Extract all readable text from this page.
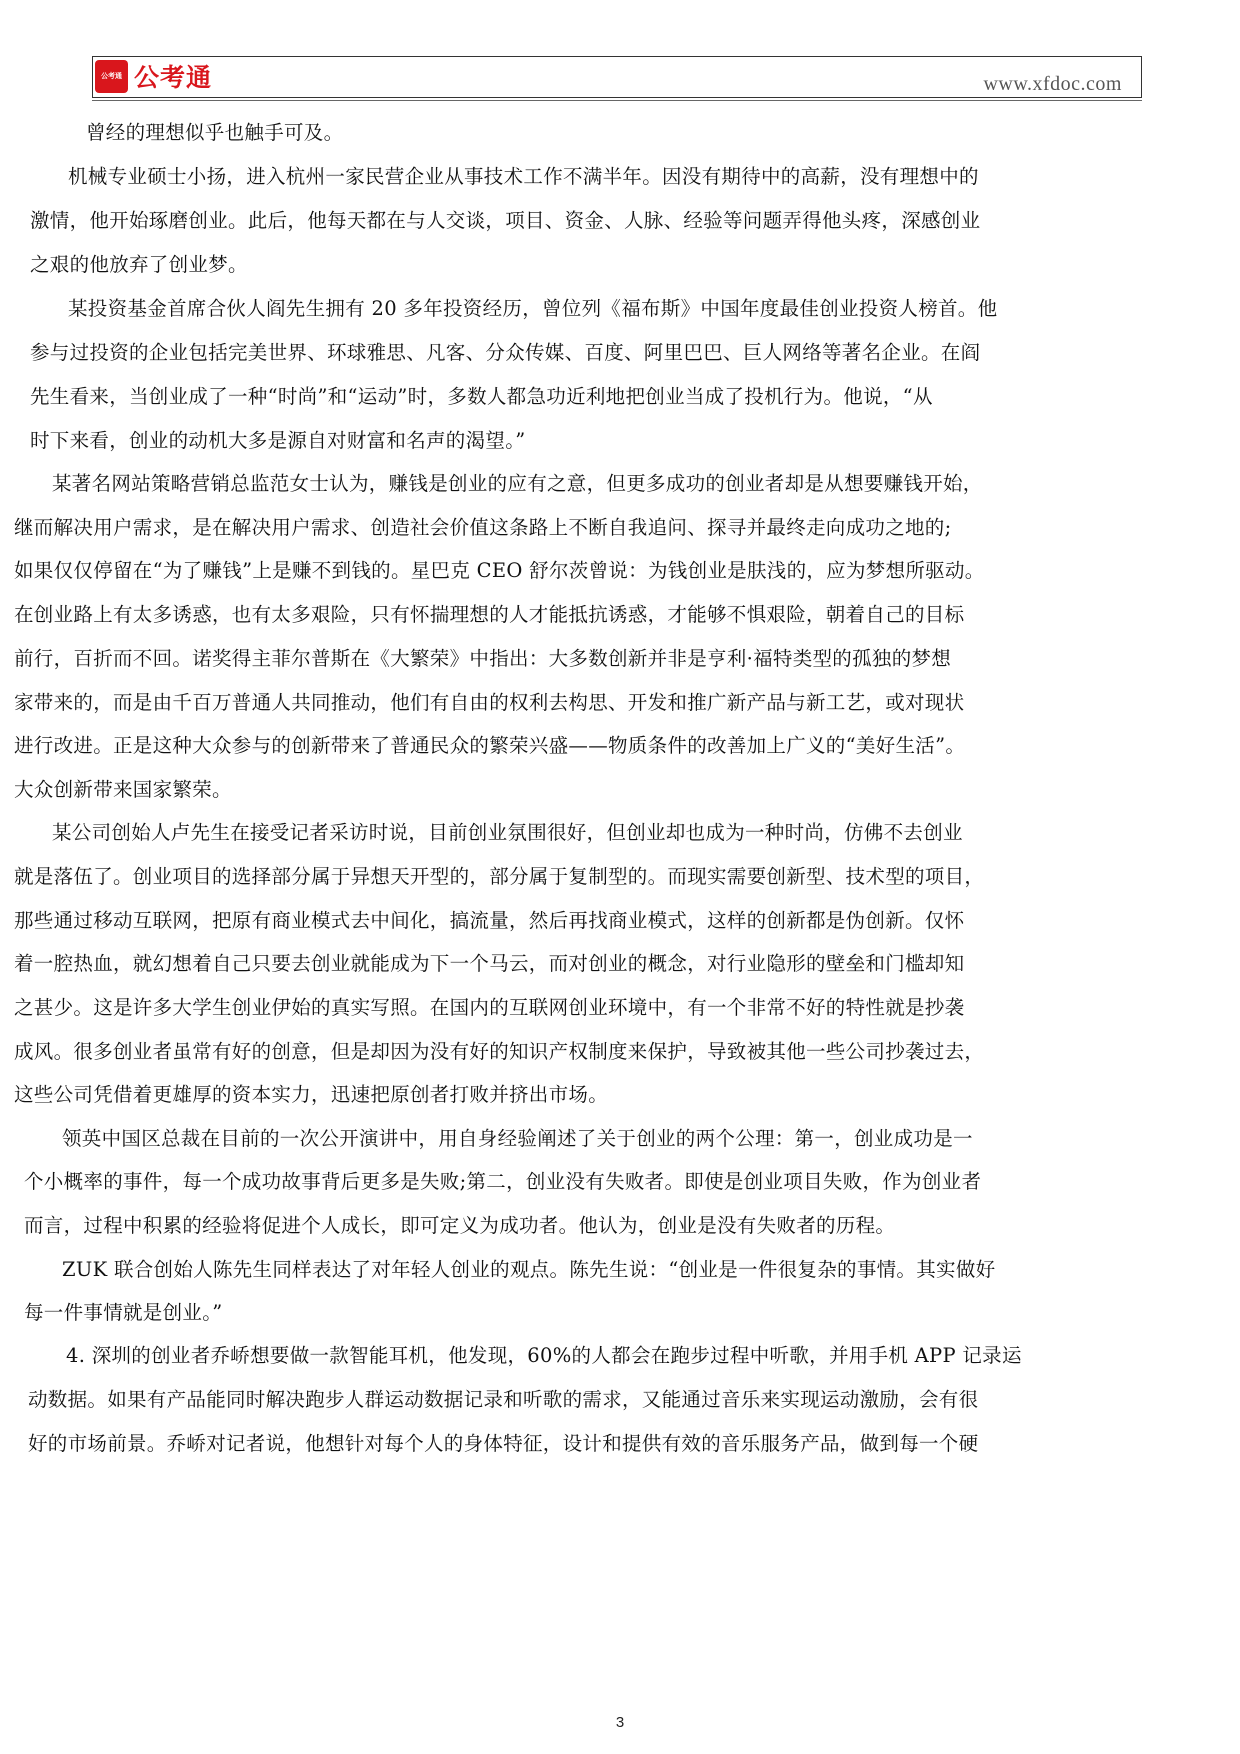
公考通 公考通	www.xfdoc.com
曾经的理想似乎也触手可及。
机械专业硕士小扬，进入杭州一家民营企业从事技术工作不满半年。因没有期待中的高薪，没有理想中的
激情，他开始琢磨创业。此后，他每天都在与人交谈，项目、资金、人脉、经验等问题弄得他头疼，深感创业
之艰的他放弃了创业梦。
某投资基金首席合伙人阎先生拥有 20 多年投资经历，曾位列《福布斯》中国年度最佳创业投资人榜首。他
参与过投资的企业包括完美世界、环球雅思、凡客、分众传媒、百度、阿里巴巴、巨人网络等著名企业。在阎
先生看来，当创业成了一种“时尚”和“运动”时，多数人都急功近利地把创业当成了投机行为。他说，“从
时下来看，创业的动机大多是源自对财富和名声的渴望。”
某著名网站策略营销总监范女士认为，赚钱是创业的应有之意，但更多成功的创业者却是从想要赚钱开始，
继而解决用户需求，是在解决用户需求、创造社会价值这条路上不断自我追问、探寻并最终走向成功之地的;
如果仅仅停留在“为了赚钱”上是赚不到钱的。星巴克 CEO 舒尔茨曾说：为钱创业是肤浅的，应为梦想所驱动。
在创业路上有太多诱惑，也有太多艰险，只有怀揣理想的人才能抵抗诱惑，才能够不惧艰险，朝着自己的目标
前行，百折而不回。诺奖得主菲尔普斯在《大繁荣》中指出：大多数创新并非是亨利·福特类型的孤独的梦想
家带来的，而是由千百万普通人共同推动，他们有自由的权利去构思、开发和推广新产品与新工艺，或对现状
进行改进。正是这种大众参与的创新带来了普通民众的繁荣兴盛——物质条件的改善加上广义的“美好生活”。
大众创新带来国家繁荣。
某公司创始人卢先生在接受记者采访时说，目前创业氛围很好，但创业却也成为一种时尚，仿佛不去创业
就是落伍了。创业项目的选择部分属于异想天开型的，部分属于复制型的。而现实需要创新型、技术型的项目，
那些通过移动互联网，把原有商业模式去中间化，搞流量，然后再找商业模式，这样的创新都是伪创新。仅怀
着一腔热血，就幻想着自己只要去创业就能成为下一个马云，而对创业的概念，对行业隐形的壁垒和门槛却知
之甚少。这是许多大学生创业伊始的真实写照。在国内的互联网创业环境中，有一个非常不好的特性就是抄袭
成风。很多创业者虽常有好的创意，但是却因为没有好的知识产权制度来保护，导致被其他一些公司抄袭过去，
这些公司凭借着更雄厚的资本实力，迅速把原创者打败并挤出市场。
领英中国区总裁在目前的一次公开演讲中，用自身经验阐述了关于创业的两个公理：第一，创业成功是一
个小概率的事件，每一个成功故事背后更多是失败;第二，创业没有失败者。即使是创业项目失败，作为创业者
而言，过程中积累的经验将促进个人成长，即可定义为成功者。他认为，创业是没有失败者的历程。
ZUK 联合创始人陈先生同样表达了对年轻人创业的观点。陈先生说：“创业是一件很复杂的事情。其实做好
每一件事情就是创业。”
4. 深圳的创业者乔峤想要做一款智能耳机，他发现，60%的人都会在跑步过程中听歌，并用手机 APP 记录运
动数据。如果有产品能同时解决跑步人群运动数据记录和听歌的需求，又能通过音乐来实现运动激励，会有很
好的市场前景。乔峤对记者说，他想针对每个人的身体特征，设计和提供有效的音乐服务产品，做到每一个硬
3
